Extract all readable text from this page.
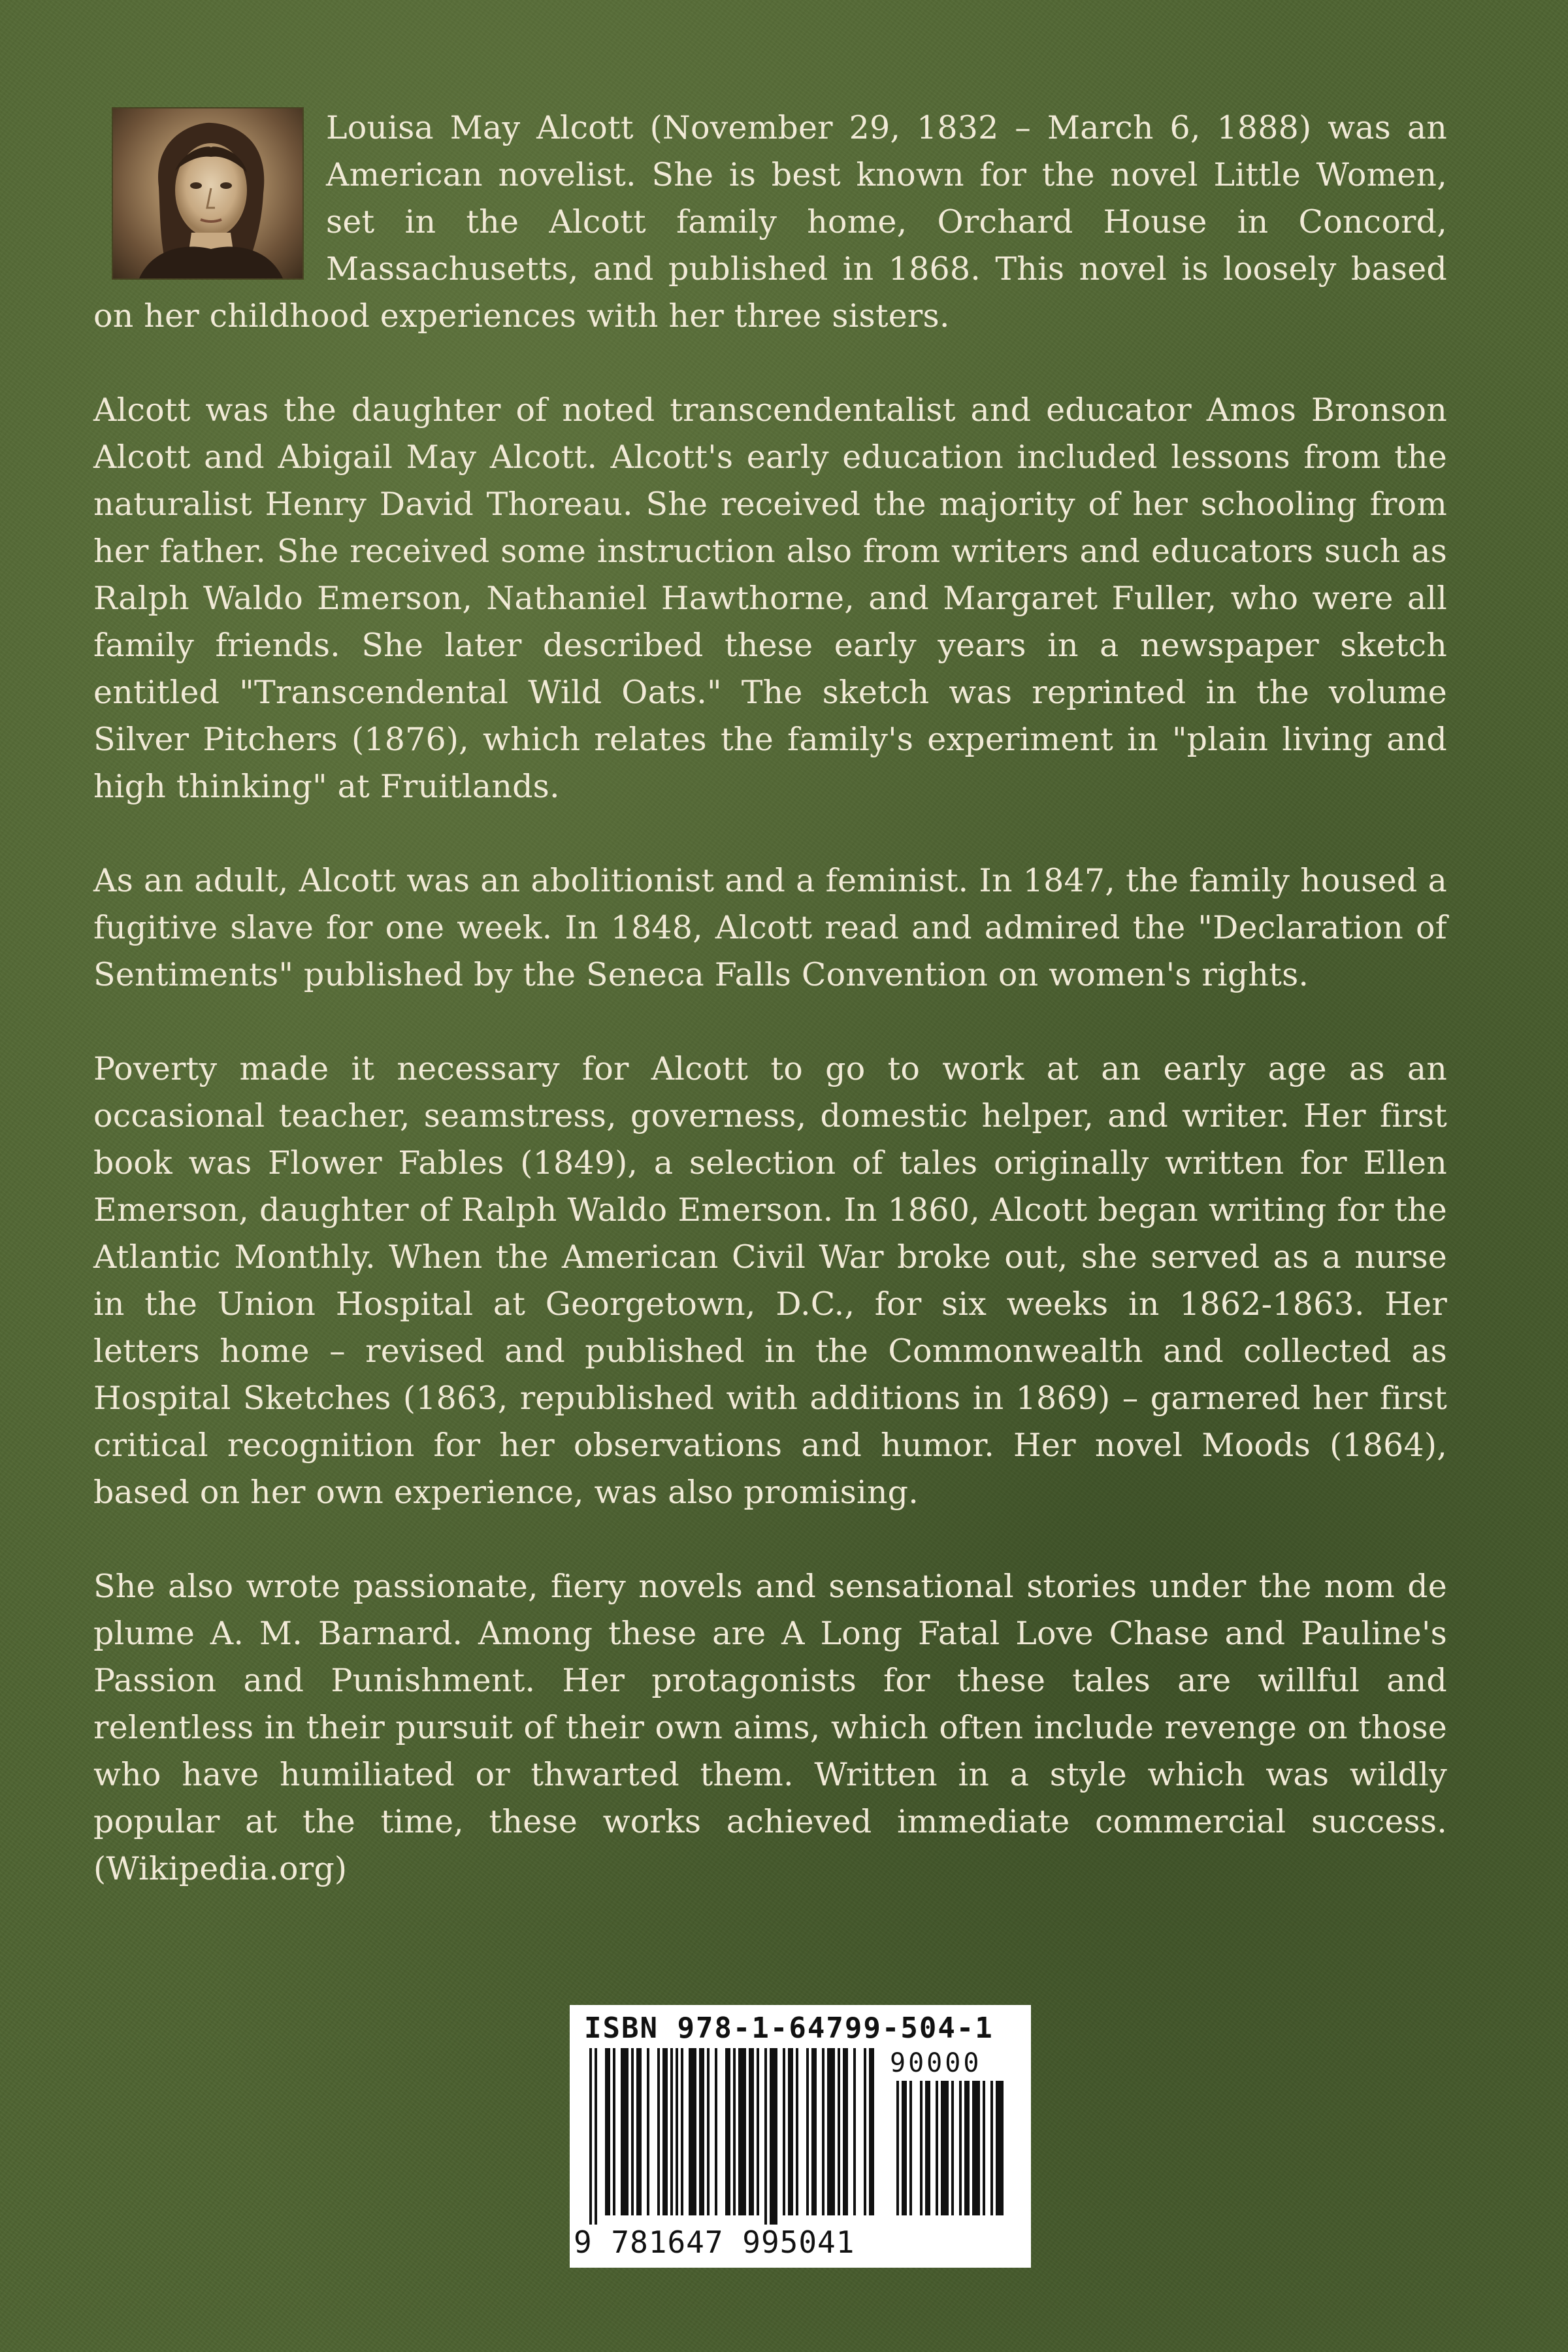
Louisa May Alcott (November 29, 1832 – March 6, 1888) was an American novelist. She is best known for the novel Little Women, set in the Alcott family home, Orchard House in Concord, Massachusetts, and published in 1868. This novel is loosely based on her childhood experiences with her three sisters.

Alcott was the daughter of noted transcendentalist and educator Amos Bronson Alcott and Abigail May Alcott. Alcott's early education included lessons from the naturalist Henry David Thoreau. She received the majority of her schooling from her father. She received some instruction also from writers and educators such as Ralph Waldo Emerson, Nathaniel Hawthorne, and Margaret Fuller, who were all family friends. She later described these early years in a newspaper sketch entitled "Transcendental Wild Oats." The sketch was reprinted in the volume Silver Pitchers (1876), which relates the family's experiment in "plain living and high thinking" at Fruitlands.

As an adult, Alcott was an abolitionist and a feminist. In 1847, the family housed a fugitive slave for one week. In 1848, Alcott read and admired the "Declaration of Sentiments" published by the Seneca Falls Convention on women's rights.

Poverty made it necessary for Alcott to go to work at an early age as an occasional teacher, seamstress, governess, domestic helper, and writer. Her first book was Flower Fables (1849), a selection of tales originally written for Ellen Emerson, daughter of Ralph Waldo Emerson. In 1860, Alcott began writing for the Atlantic Monthly. When the American Civil War broke out, she served as a nurse in the Union Hospital at Georgetown, D.C., for six weeks in 1862-1863. Her letters home – revised and published in the Commonwealth and collected as Hospital Sketches (1863, republished with additions in 1869) – garnered her first critical recognition for her observations and humor. Her novel Moods (1864), based on her own experience, was also promising.

She also wrote passionate, fiery novels and sensational stories under the nom de plume A. M. Barnard. Among these are A Long Fatal Love Chase and Pauline's Passion and Punishment. Her protagonists for these tales are willful and relentless in their pursuit of their own aims, which often include revenge on those who have humiliated or thwarted them. Written in a style which was wildly popular at the time, these works achieved immediate commercial success. (Wikipedia.org)

ISBN 978-1-64799-504-1
90000
9 781647 995041
